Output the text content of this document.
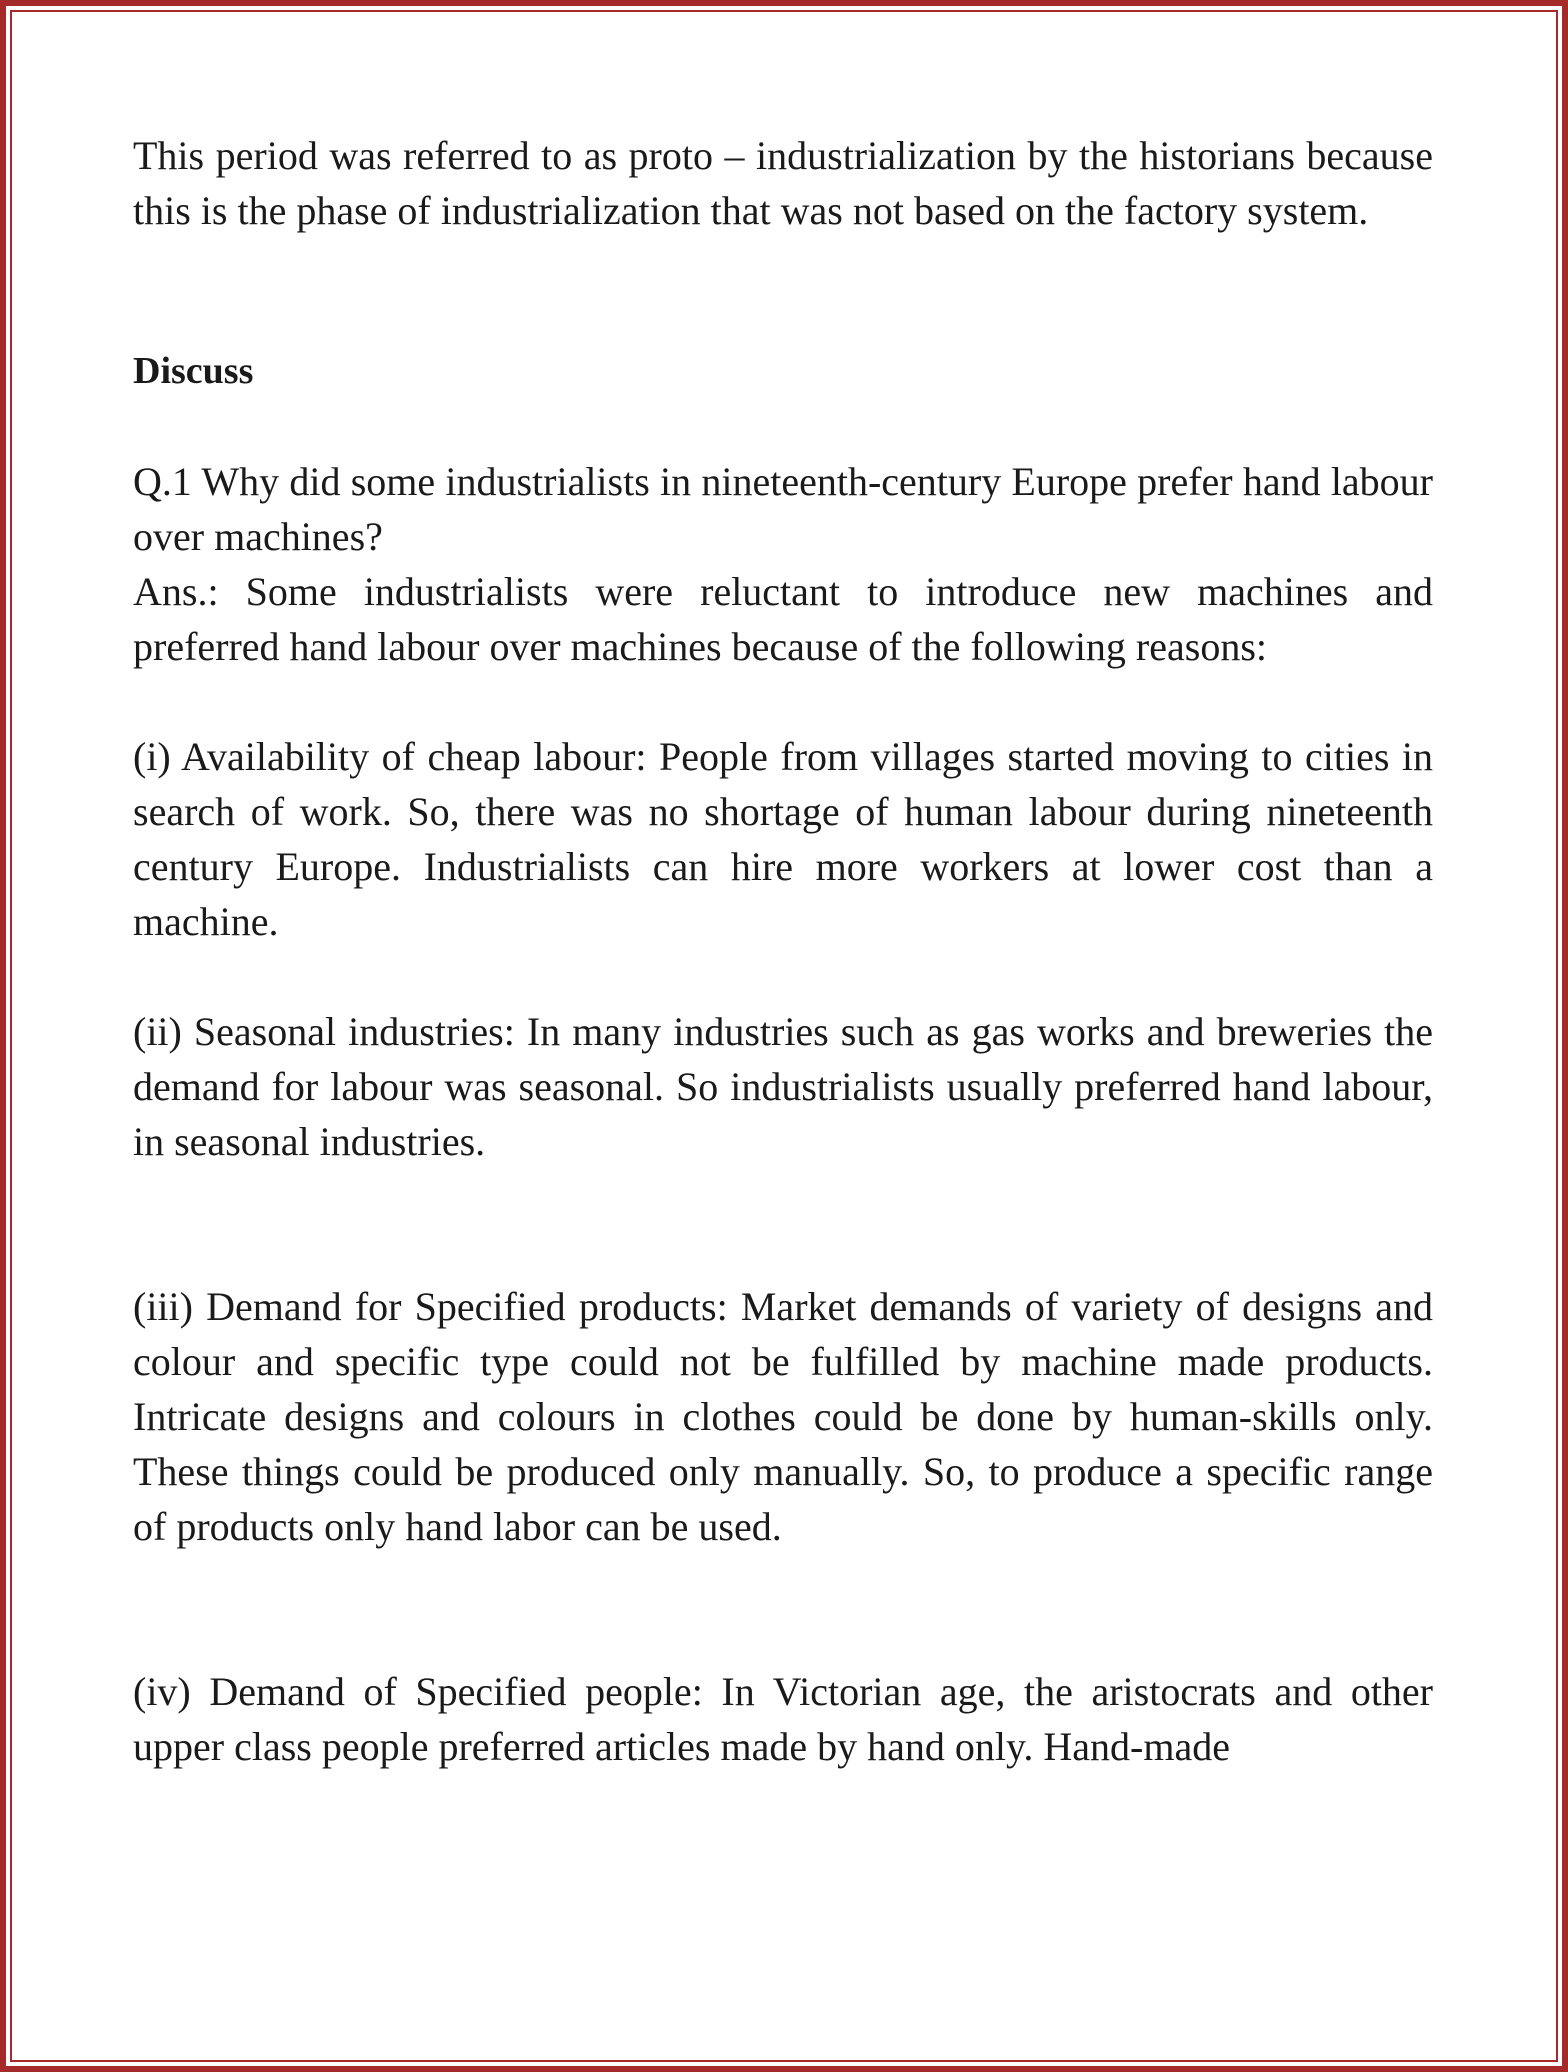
This period was referred to as proto – industrialization by the historians because this is the phase of industrialization that was not based on the factory system.

Discuss

Q.1 Why did some industrialists in nineteenth-century Europe prefer hand labour over machines?

Ans.: Some industrialists were reluctant to introduce new machines and preferred hand labour over machines because of the following reasons:

(i) Availability of cheap labour: People from villages started moving to cities in search of work. So, there was no shortage of human labour during nineteenth century Europe. Industrialists can hire more workers at lower cost than a machine.

(ii) Seasonal industries: In many industries such as gas works and breweries the demand for labour was seasonal. So industrialists usually preferred hand labour, in seasonal industries.

(iii) Demand for Specified products: Market demands of variety of designs and colour and specific type could not be fulfilled by machine made products. Intricate designs and colours in clothes could be done by human-skills only. These things could be produced only manually. So, to produce a specific range of products only hand labor can be used.

(iv) Demand of Specified people: In Victorian age, the aristocrats and other upper class people preferred articles made by hand only. Hand-made
